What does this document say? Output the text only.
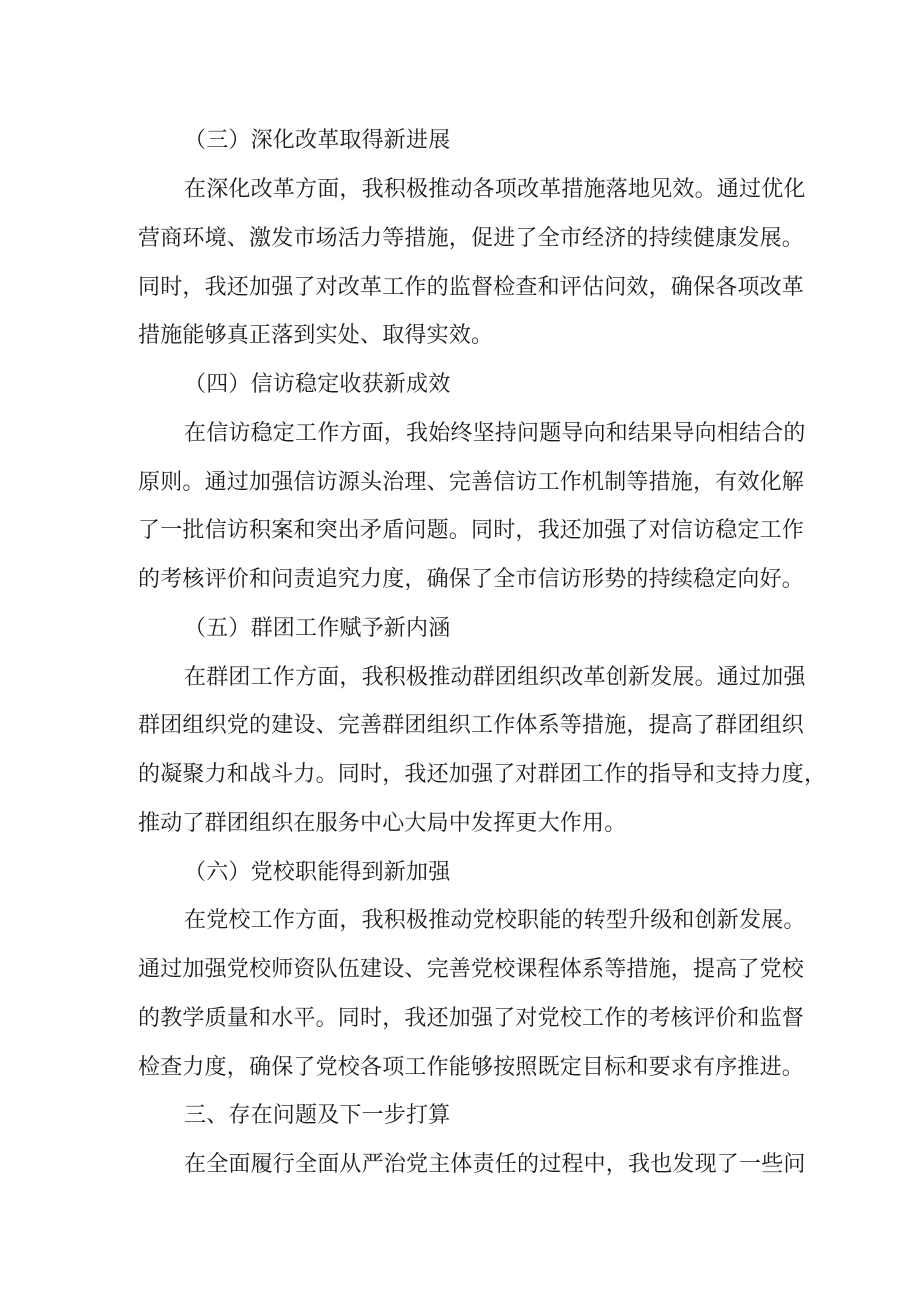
（三）深化改革取得新进展
在深化改革方面，我积极推动各项改革措施落地见效。通过优化
营商环境、激发市场活力等措施，促进了全市经济的持续健康发展。
同时，我还加强了对改革工作的监督检查和评估问效，确保各项改革
措施能够真正落到实处、取得实效。
（四）信访稳定收获新成效
在信访稳定工作方面，我始终坚持问题导向和结果导向相结合的
原则。通过加强信访源头治理、完善信访工作机制等措施，有效化解
了一批信访积案和突出矛盾问题。同时，我还加强了对信访稳定工作
的考核评价和问责追究力度，确保了全市信访形势的持续稳定向好。
（五）群团工作赋予新内涵
在群团工作方面，我积极推动群团组织改革创新发展。通过加强
群团组织党的建设、完善群团组织工作体系等措施，提高了群团组织
的凝聚力和战斗力。同时，我还加强了对群团工作的指导和支持力度，
推动了群团组织在服务中心大局中发挥更大作用。
（六）党校职能得到新加强
在党校工作方面，我积极推动党校职能的转型升级和创新发展。
通过加强党校师资队伍建设、完善党校课程体系等措施，提高了党校
的教学质量和水平。同时，我还加强了对党校工作的考核评价和监督
检查力度，确保了党校各项工作能够按照既定目标和要求有序推进。
三、存在问题及下一步打算
在全面履行全面从严治党主体责任的过程中，我也发现了一些问
